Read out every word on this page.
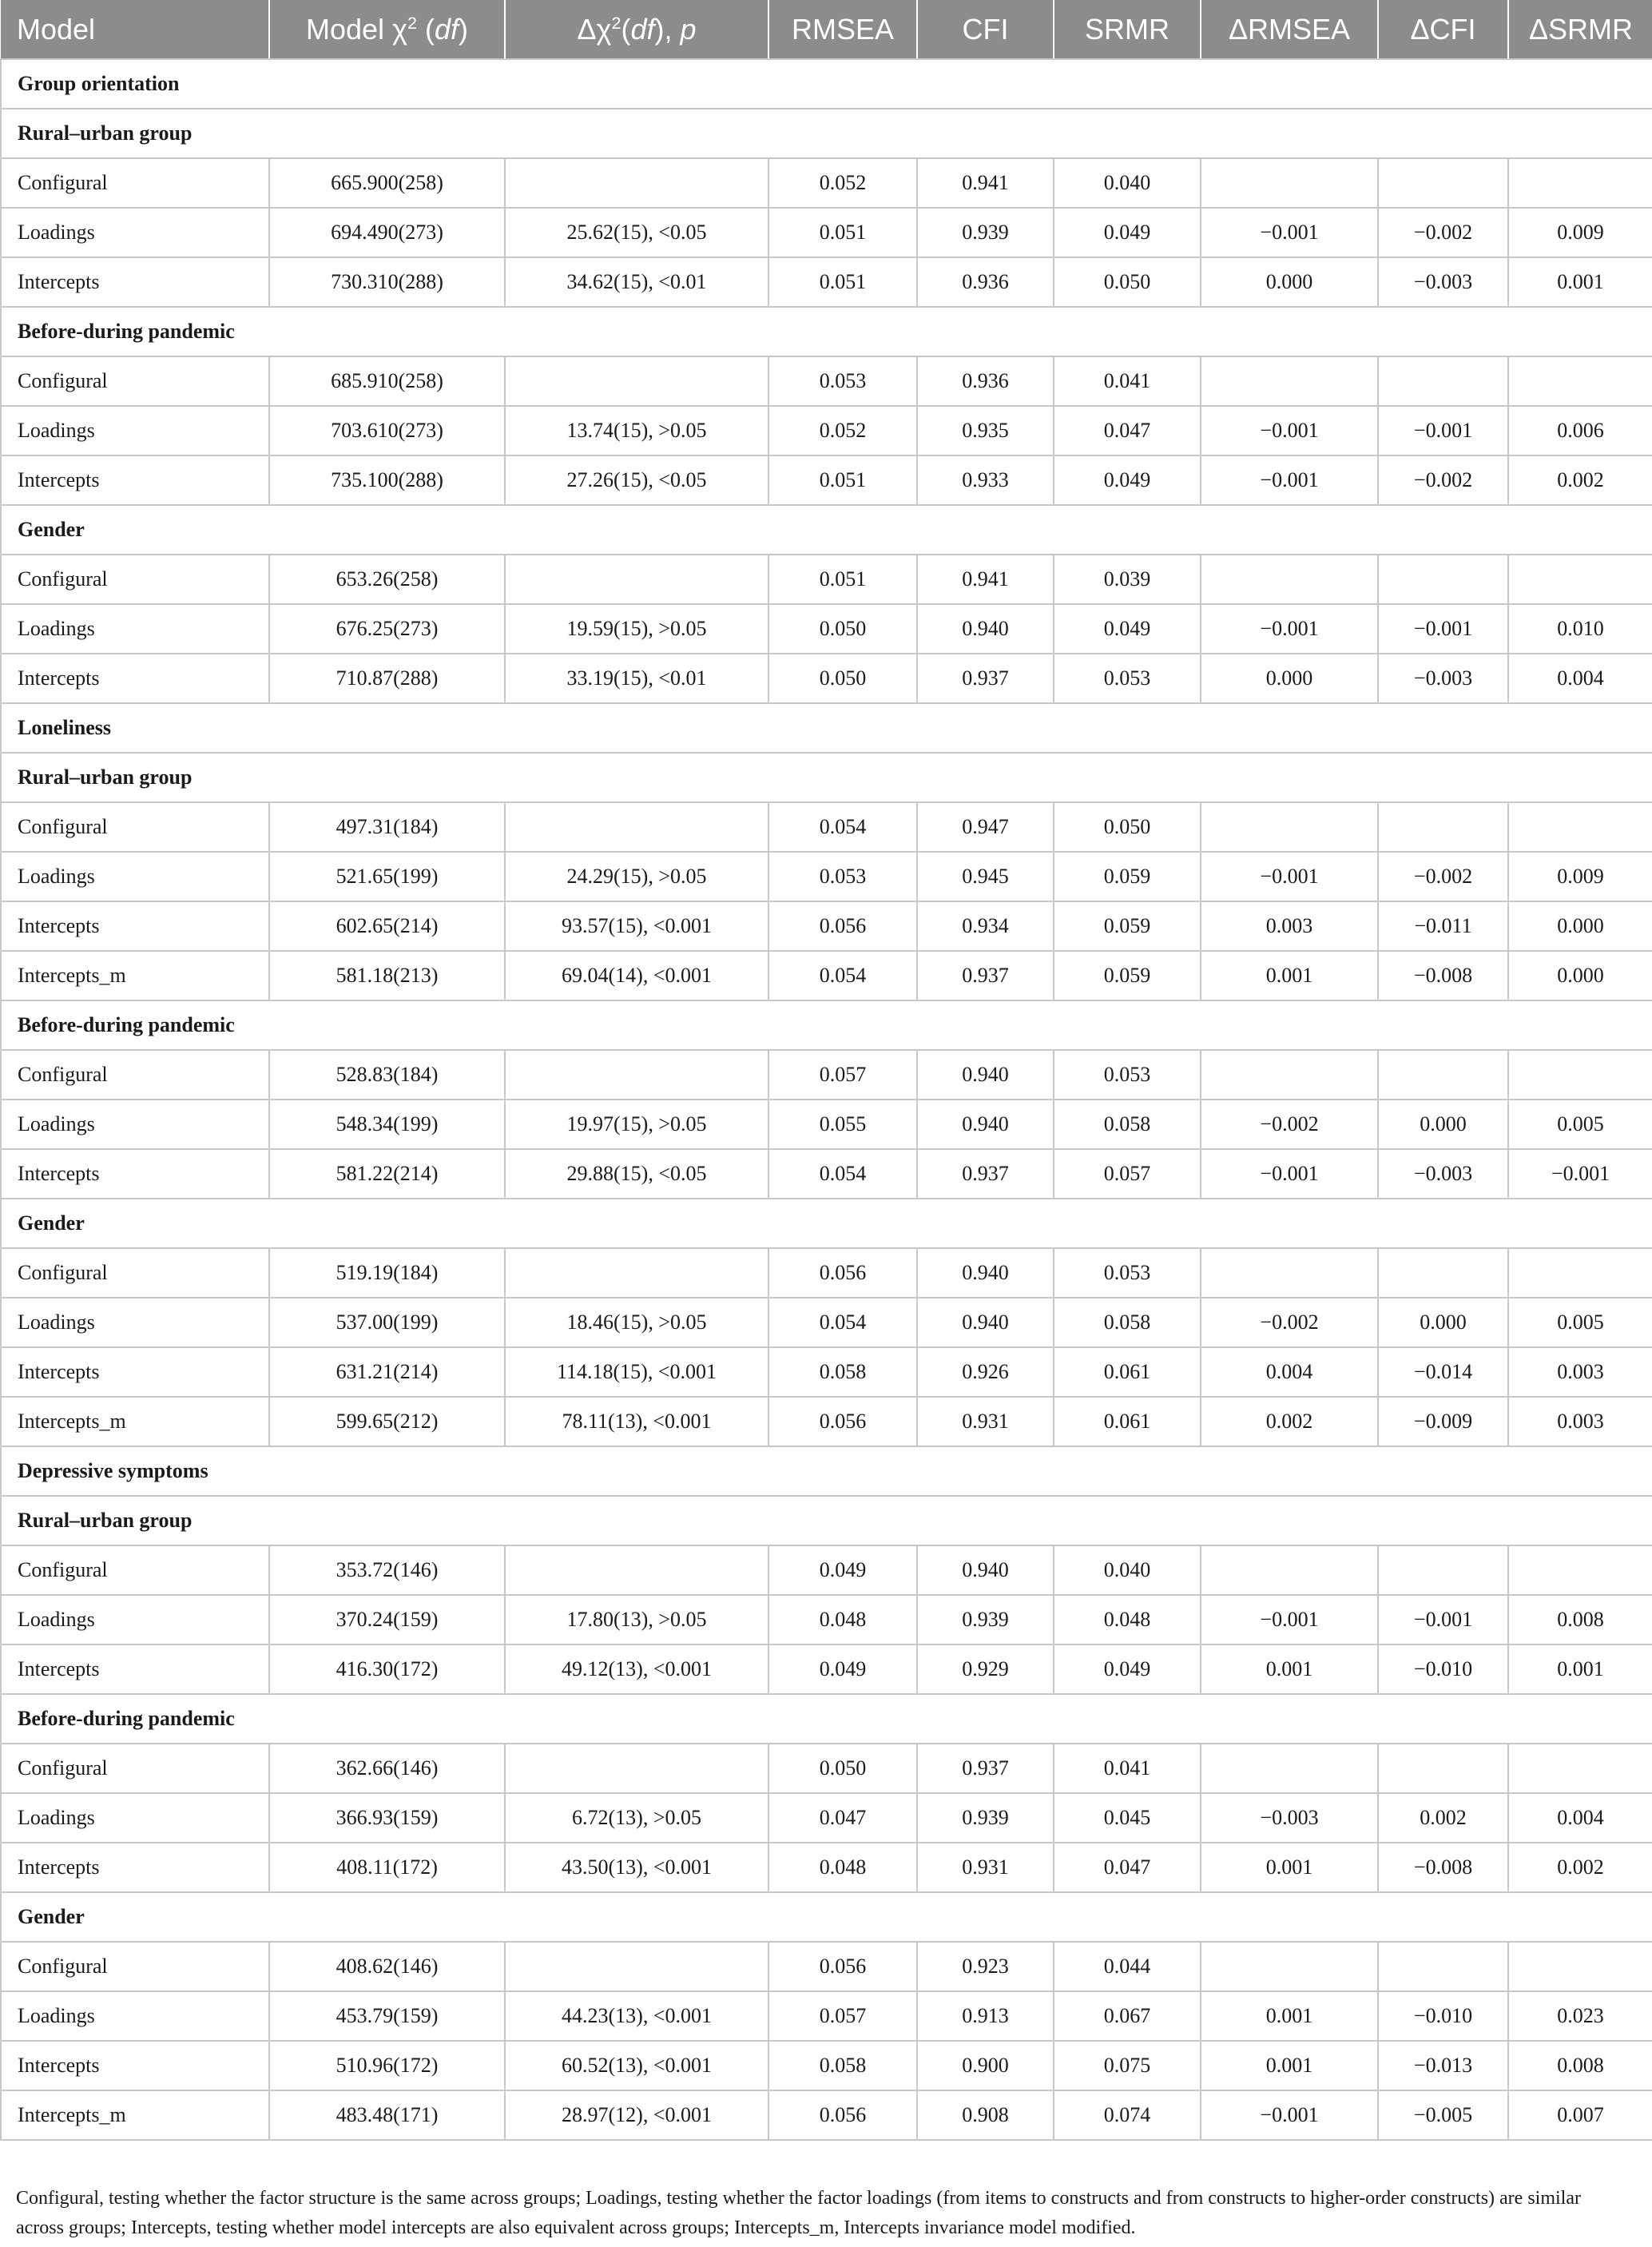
Model	Model $\chi^2$ (df)	$\Delta\chi^2(df)$, p	RMSEA	CFI	SRMR	ΔRMSEA	ΔCFI	ΔSRMR
Group orientation								
Rural–urban group								
Configural	665.900(258)		0.052	0.941	0.040			
Loadings	694.490(273)	25.62(15), <0.05	0.051	0.939	0.049	−0.001	−0.002	0.009
Intercepts	730.310(288)	34.62(15), <0.01	0.051	0.936	0.050	0.000	−0.003	0.001
Before-during pandemic								
Configural	685.910(258)		0.053	0.936	0.041			
Loadings	703.610(273)	13.74(15), >0.05	0.052	0.935	0.047	−0.001	−0.001	0.006
Intercepts	735.100(288)	27.26(15), <0.05	0.051	0.933	0.049	−0.001	−0.002	0.002
Gender								
Configural	653.26(258)		0.051	0.941	0.039			
Loadings	676.25(273)	19.59(15), >0.05	0.050	0.940	0.049	−0.001	−0.001	0.010
Intercepts	710.87(288)	33.19(15), <0.01	0.050	0.937	0.053	0.000	−0.003	0.004
Loneliness								
Rural–urban group								
Configural	497.31(184)		0.054	0.947	0.050			
Loadings	521.65(199)	24.29(15), >0.05	0.053	0.945	0.059	−0.001	−0.002	0.009
Intercepts	602.65(214)	93.57(15), <0.001	0.056	0.934	0.059	0.003	−0.011	0.000
Intercepts_m	581.18(213)	69.04(14), <0.001	0.054	0.937	0.059	0.001	−0.008	0.000
Before-during pandemic								
Configural	528.83(184)		0.057	0.940	0.053			
Loadings	548.34(199)	19.97(15), >0.05	0.055	0.940	0.058	−0.002	0.000	0.005
Intercepts	581.22(214)	29.88(15), <0.05	0.054	0.937	0.057	−0.001	−0.003	−0.001
Gender								
Configural	519.19(184)		0.056	0.940	0.053			
Loadings	537.00(199)	18.46(15), >0.05	0.054	0.940	0.058	−0.002	0.000	0.005
Intercepts	631.21(214)	114.18(15), <0.001	0.058	0.926	0.061	0.004	−0.014	0.003
Intercepts_m	599.65(212)	78.11(13), <0.001	0.056	0.931	0.061	0.002	−0.009	0.003
Depressive symptoms								
Rural–urban group								
Configural	353.72(146)		0.049	0.940	0.040			
Loadings	370.24(159)	17.80(13), >0.05	0.048	0.939	0.048	−0.001	−0.001	0.008
Intercepts	416.30(172)	49.12(13), <0.001	0.049	0.929	0.049	0.001	−0.010	0.001
Before-during pandemic								
Configural	362.66(146)		0.050	0.937	0.041			
Loadings	366.93(159)	6.72(13), >0.05	0.047	0.939	0.045	−0.003	0.002	0.004
Intercepts	408.11(172)	43.50(13), <0.001	0.048	0.931	0.047	0.001	−0.008	0.002
Gender								
Configural	408.62(146)		0.056	0.923	0.044			
Loadings	453.79(159)	44.23(13), <0.001	0.057	0.913	0.067	0.001	−0.010	0.023
Intercepts	510.96(172)	60.52(13), <0.001	0.058	0.900	0.075	0.001	−0.013	0.008
Intercepts_m	483.48(171)	28.97(12), <0.001	0.056	0.908	0.074	−0.001	−0.005	0.007
Configural, testing whether the factor structure is the same across groups; Loadings, testing whether the factor loadings (from items to constructs and from constructs to higher-order constructs) are similar across groups; Intercepts, testing whether model intercepts are also equivalent across groups; Intercepts_m, Intercepts invariance model modified.
